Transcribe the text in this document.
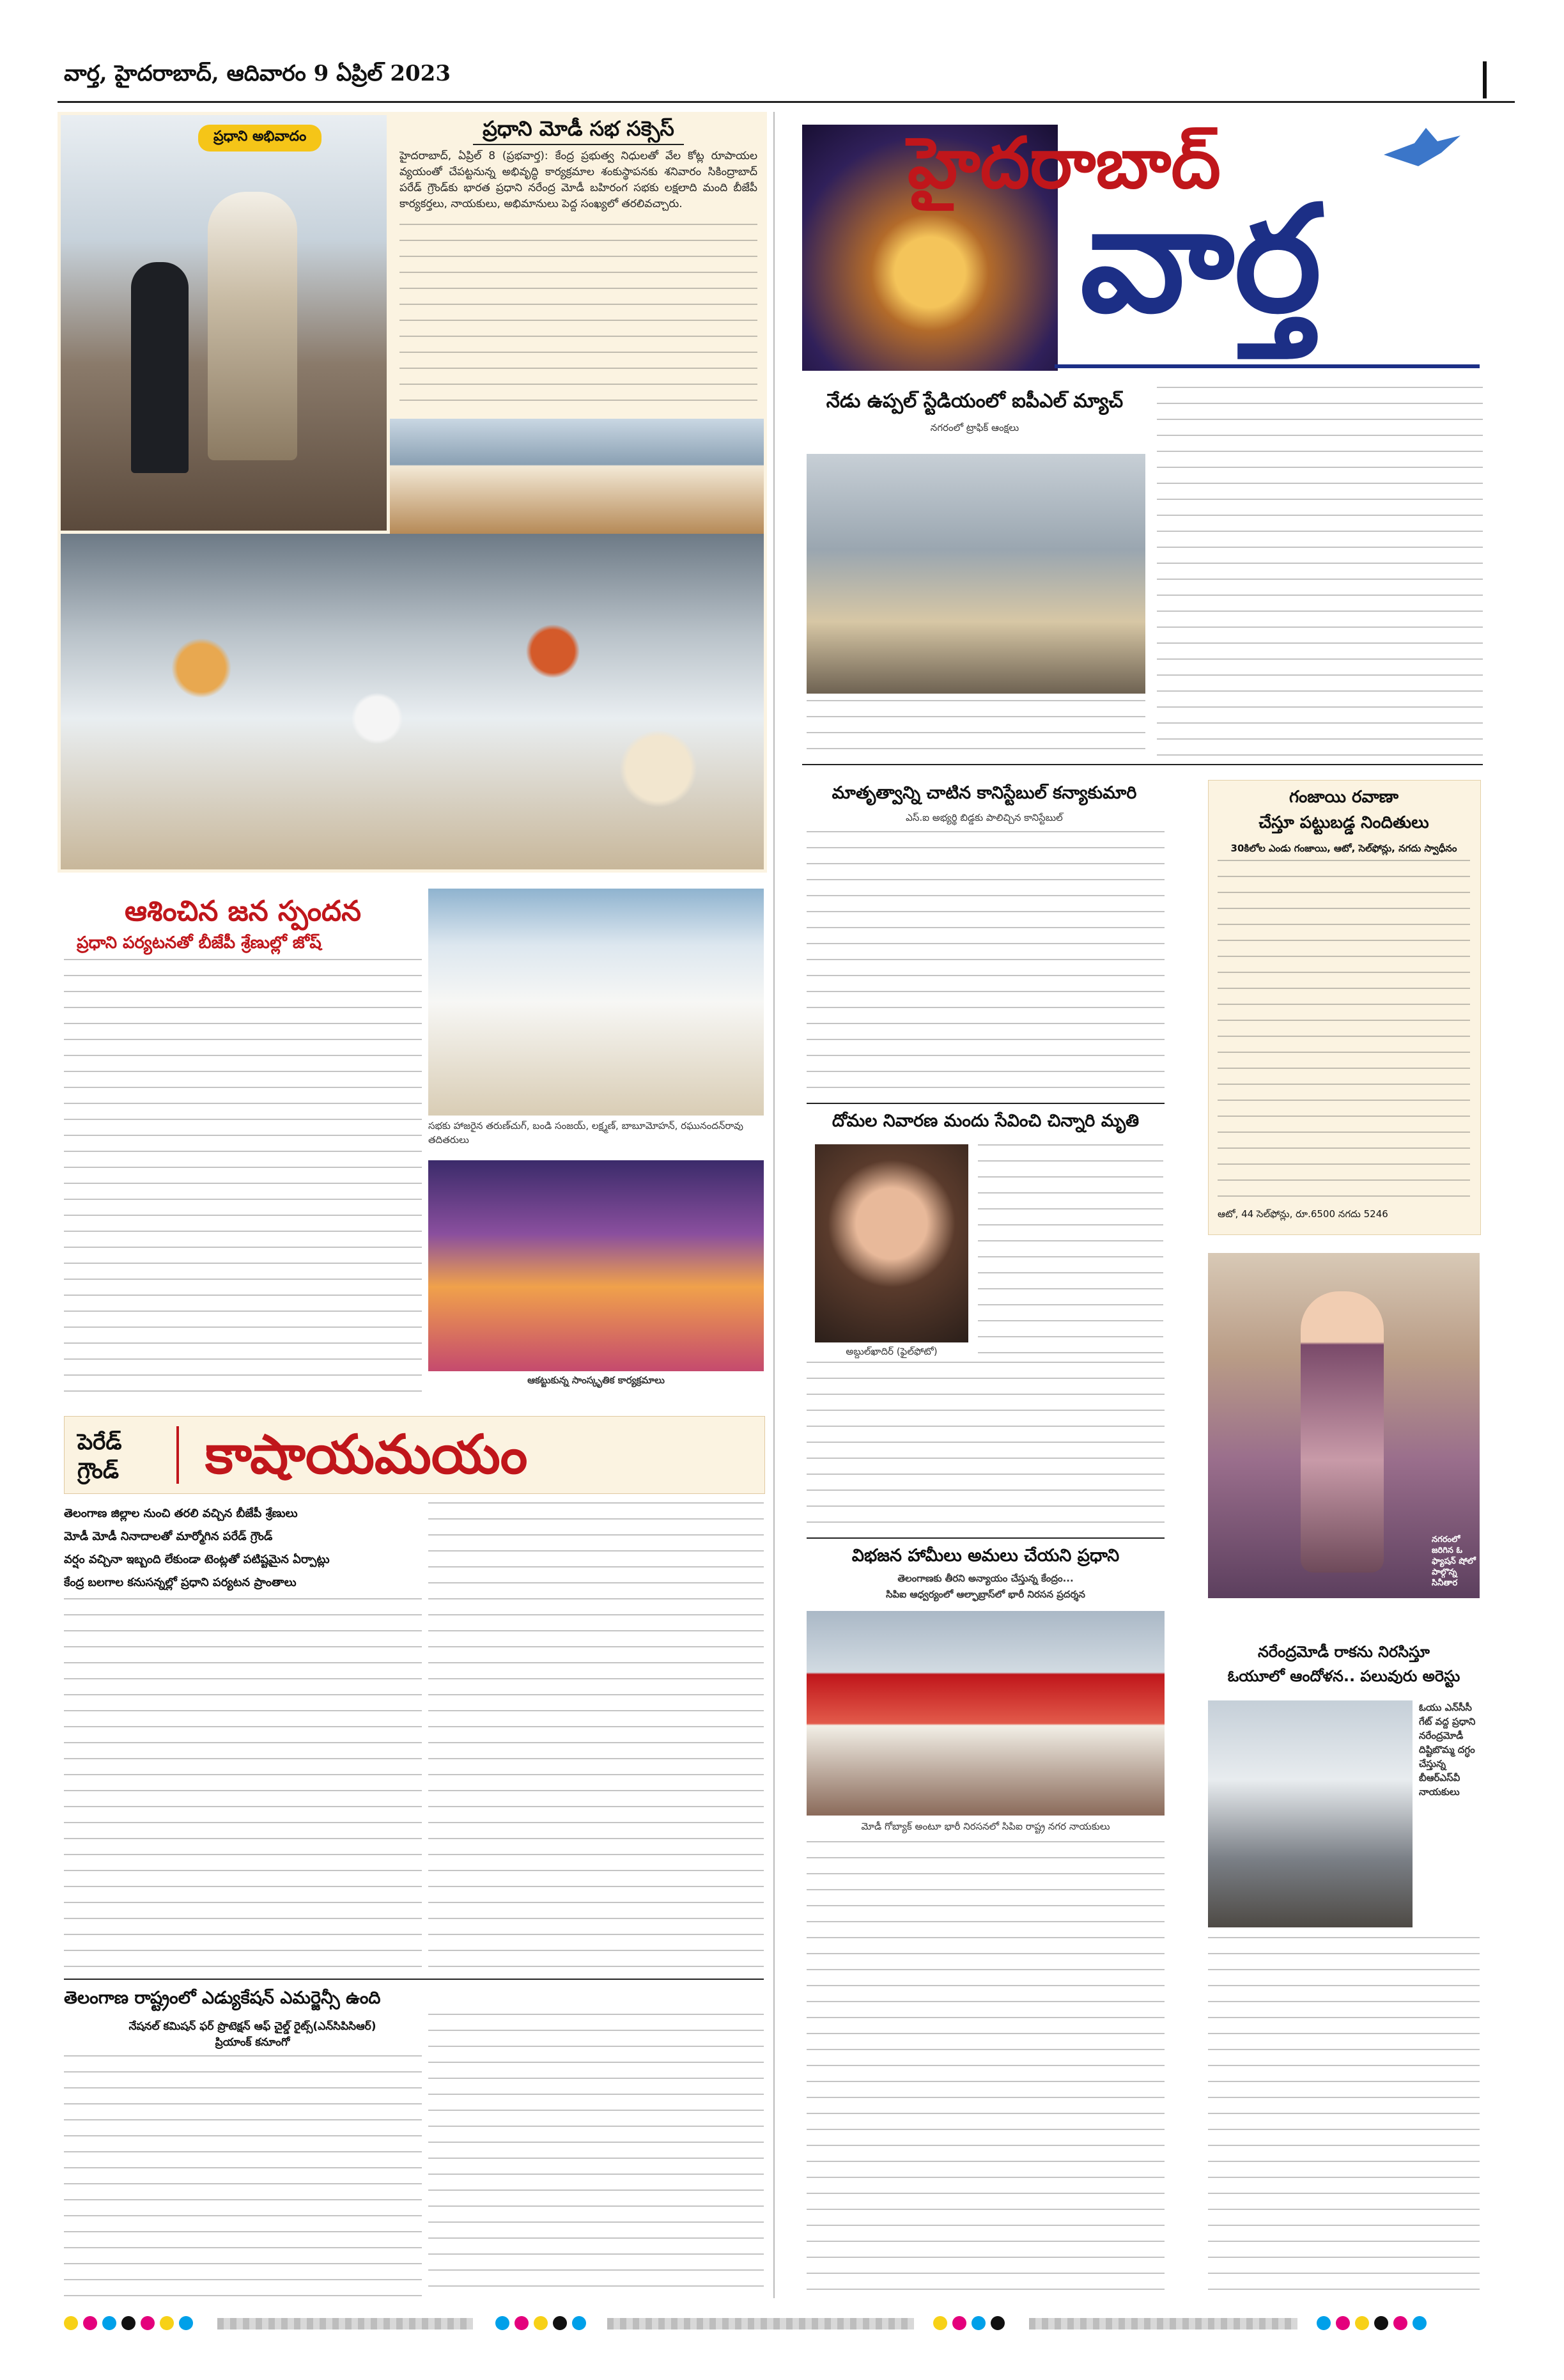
వార్త, హైదరాబాద్, ఆదివారం 9 ఏప్రిల్ 2023
ప్రధాని అభివాదం	ప్రధాని మోడీ సభ సక్సెస్
హైదరాబాద్, ఏప్రిల్ 8 (ప్రభవార్త): కేంద్ర ప్రభుత్వ నిధులతో వేల కోట్ల రూపాయల వ్యయంతో చేపట్టనున్న అభివృద్ధి కార్యక్రమాల శంకుస్థాపనకు శనివారం సికింద్రాబాద్ పరేడ్ గ్రౌండ్‌కు భారత ప్రధాని నరేంద్ర మోడీ బహిరంగ సభకు లక్షలాది మంది బీజేపీ కార్యకర్తలు, నాయకులు, అభిమానులు పెద్ద సంఖ్యలో తరలివచ్చారు.
ఆశించిన జన స్పందన
ప్రధాని పర్యటనతో బీజేపీ శ్రేణుల్లో జోష్
సభకు హాజరైన తరుణ్‌చుగ్, బండి సంజయ్, లక్ష్మణ్, బాబూమోహన్, రఘునందన్‌రావు తదితరులు
ఆకట్టుకున్న సాంస్కృతిక కార్యక్రమాలు
పెరేడ్
గ్రౌండ్ కాషాయమయం
తెలంగాణ జిల్లాల నుంచి తరలి వచ్చిన బీజేపీ శ్రేణులు
మోడీ మోడీ నినాదాలతో మార్మోగిన పరేడ్ గ్రౌండ్
వర్షం వచ్చినా ఇబ్బంది లేకుండా టెంట్లతో పటిష్టమైన ఏర్పాట్లు
కేంద్ర బలగాల కనుసన్నల్లో ప్రధాని పర్యటన ప్రాంతాలు
తెలంగాణ రాష్ట్రంలో ఎడ్యుకేషన్ ఎమర్జెన్సీ ఉంది
నేషనల్ కమిషన్ ఫర్ ప్రొటెక్షన్ ఆఫ్ చైల్డ్ రైట్స్(ఎన్‌సిపిసిఆర్)
ప్రియాంక్ కనూంగో
హైదరాబాద్
వార్త
నేడు ఉప్పల్ స్టేడియంలో ఐపీఎల్ మ్యాచ్
నగరంలో ట్రాఫిక్ ఆంక్షలు
మాతృత్వాన్ని చాటిన కానిస్టేబుల్ కన్యాకుమారి
ఎస్.ఐ అభ్యర్థి బిడ్డకు పాలిచ్చిన కానిస్టేబుల్
దోమల నివారణ మందు సేవించి చిన్నారి మృతి
అబ్దుల్‌ఖాదిర్ (ఫైల్‌ఫోటో)
విభజన హామీలు అమలు చేయని ప్రధాని
తెలంగాణకు తీరని అన్యాయం చేస్తున్న కేంద్రం...
సిపిఐ ఆధ్వర్యంలో ఆల్ఫాబ్రాస్‌లో భారీ నిరసన ప్రదర్శన
మోడీ గోబ్యాక్ అంటూ భారీ నిరసనలో సిపిఐ రాష్ట్ర నగర నాయకులు
గంజాయి రవాణా
చేస్తూ పట్టుబడ్డ నిందితులు
30కిలోల ఎండు గంజాయి, ఆటో, సెల్‌ఫోన్లు, నగదు స్వాధీనం
ఆటో, 44 సెల్‌ఫోన్లు, రూ.6500 నగదు 5246
నగరంలో జరిగిన ఓ ఫ్యాషన్ షోలో పాల్గొన్న సినీతార
నరేంద్రమోడీ రాకను నిరసిస్తూ
ఓయూలో ఆందోళన.. పలువురు అరెస్టు
ఓయు ఎన్‌సీసీ గేట్ వద్ద ప్రధాని నరేంద్రమోడీ దిష్టిబొమ్మ దగ్ధం చేస్తున్న బీఆర్ఎస్‌వీ నాయకులు
